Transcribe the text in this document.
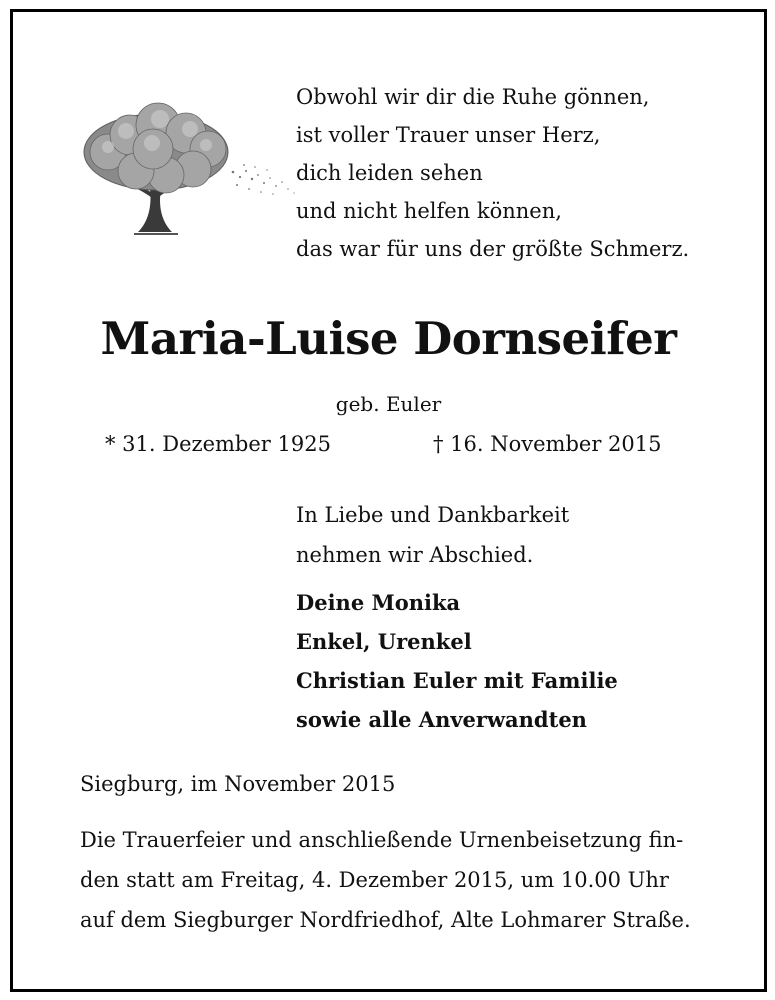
Obwohl wir dir die Ruhe gönnen,
ist voller Trauer unser Herz,
dich leiden sehen
und nicht helfen können,
das war für uns der größte Schmerz.
Maria-Luise Dornseifer
geb. Euler
* 31. Dezember 1925	† 16. November 2015
In Liebe und Dankbarkeit
nehmen wir Abschied.
Deine Monika
Enkel, Urenkel
Christian Euler mit Familie
sowie alle Anverwandten
Siegburg, im November 2015
Die Trauerfeier und anschließende Urnenbeisetzung fin-
den statt am Freitag, 4. Dezember 2015, um 10.00 Uhr
auf dem Siegburger Nordfriedhof, Alte Lohmarer Straße.
